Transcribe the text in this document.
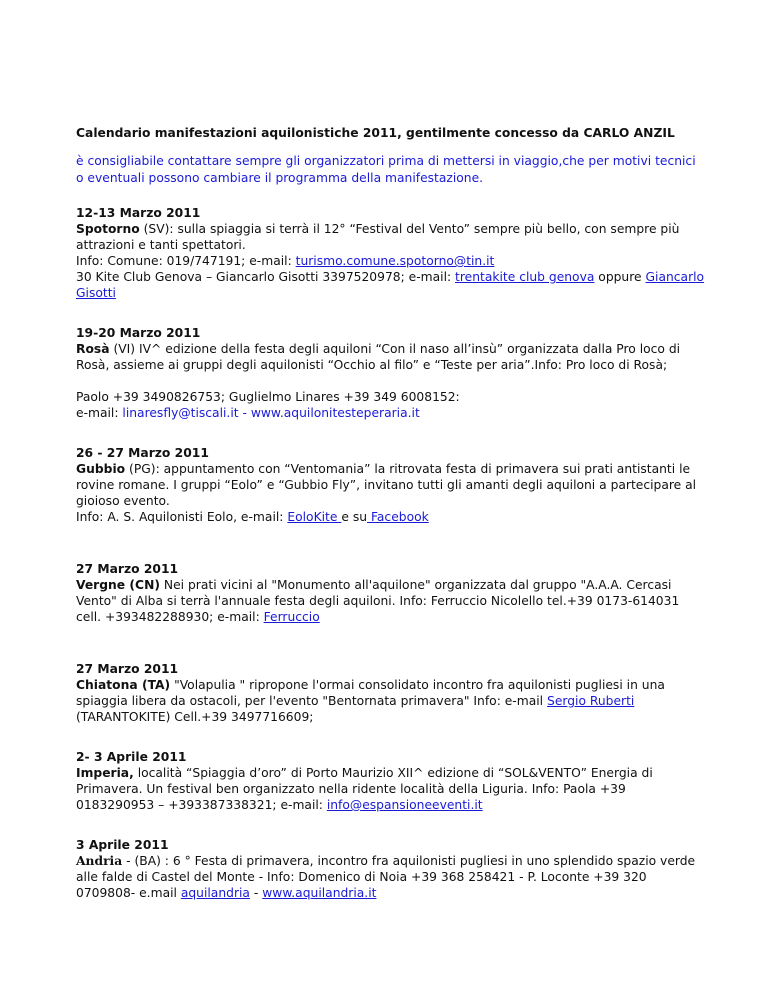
Calendario manifestazioni aquilonistiche 2011, gentilmente concesso da CARLO ANZIL
è consigliabile contattare sempre gli organizzatori prima di mettersi in viaggio,che per motivi tecnici o eventuali possono cambiare il programma della manifestazione.
12-13 Marzo 2011

Spotorno (SV): sulla spiaggia si terrà il 12° “Festival del Vento” sempre più bello, con sempre più attrazioni e tanti spettatori.

Info: Comune: 019/747191; e-mail: turismo.comune.spotorno@tin.it

30 Kite Club Genova – Giancarlo Gisotti 3397520978; e-mail: trentakite club genova oppure Giancarlo Gisotti

19-20 Marzo 2011

Rosà (VI) IV^ edizione della festa degli aquiloni “Con il naso all’insù” organizzata dalla Pro loco di Rosà, assieme ai gruppi degli aquilonisti “Occhio al filo” e “Teste per aria”.Info: Pro loco di Rosà;

Paolo +39 3490826753; Guglielmo Linares +39 349 6008152:

e-mail: linaresfly@tiscali.it - www.aquilonitesteperaria.it

26 - 27 Marzo 2011

Gubbio (PG): appuntamento con “Ventomania” la ritrovata festa di primavera sui prati antistanti le rovine romane. I gruppi “Eolo” e “Gubbio Fly”, invitano tutti gli amanti degli aquiloni a partecipare al gioioso evento.

Info: A. S. Aquilonisti Eolo, e-mail: EoloKite e su Facebook

27 Marzo 2011

Vergne (CN) Nei prati vicini al "Monumento all'aquilone" organizzata dal gruppo "A.A.A. Cercasi Vento" di Alba si terrà l'annuale festa degli aquiloni. Info: Ferruccio Nicolello tel.+39 0173-614031 cell. +393482288930; e-mail: Ferruccio

27 Marzo 2011

Chiatona (TA) "Volapulia " ripropone l'ormai consolidato incontro fra aquilonisti pugliesi in una spiaggia libera da ostacoli, per l'evento "Bentornata primavera" Info: e-mail Sergio Ruberti

(TARANTOKITE) Cell.+39 3497716609;

2- 3 Aprile 2011

Imperia, località “Spiaggia d’oro” di Porto Maurizio XII^ edizione di “SOL&VENTO” Energia di Primavera. Un festival ben organizzato nella ridente località della Liguria. Info: Paola +39 0183290953 – +393387338321; e-mail: info@espansioneeventi.it

3 Aprile 2011

Andria - (BA) : 6 ° Festa di primavera, incontro fra aquilonisti pugliesi in uno splendido spazio verde alle falde di Castel del Monte - Info: Domenico di Noia +39 368 258421 - P. Loconte +39 320 0709808- e.mail aquilandria - www.aquilandria.it
